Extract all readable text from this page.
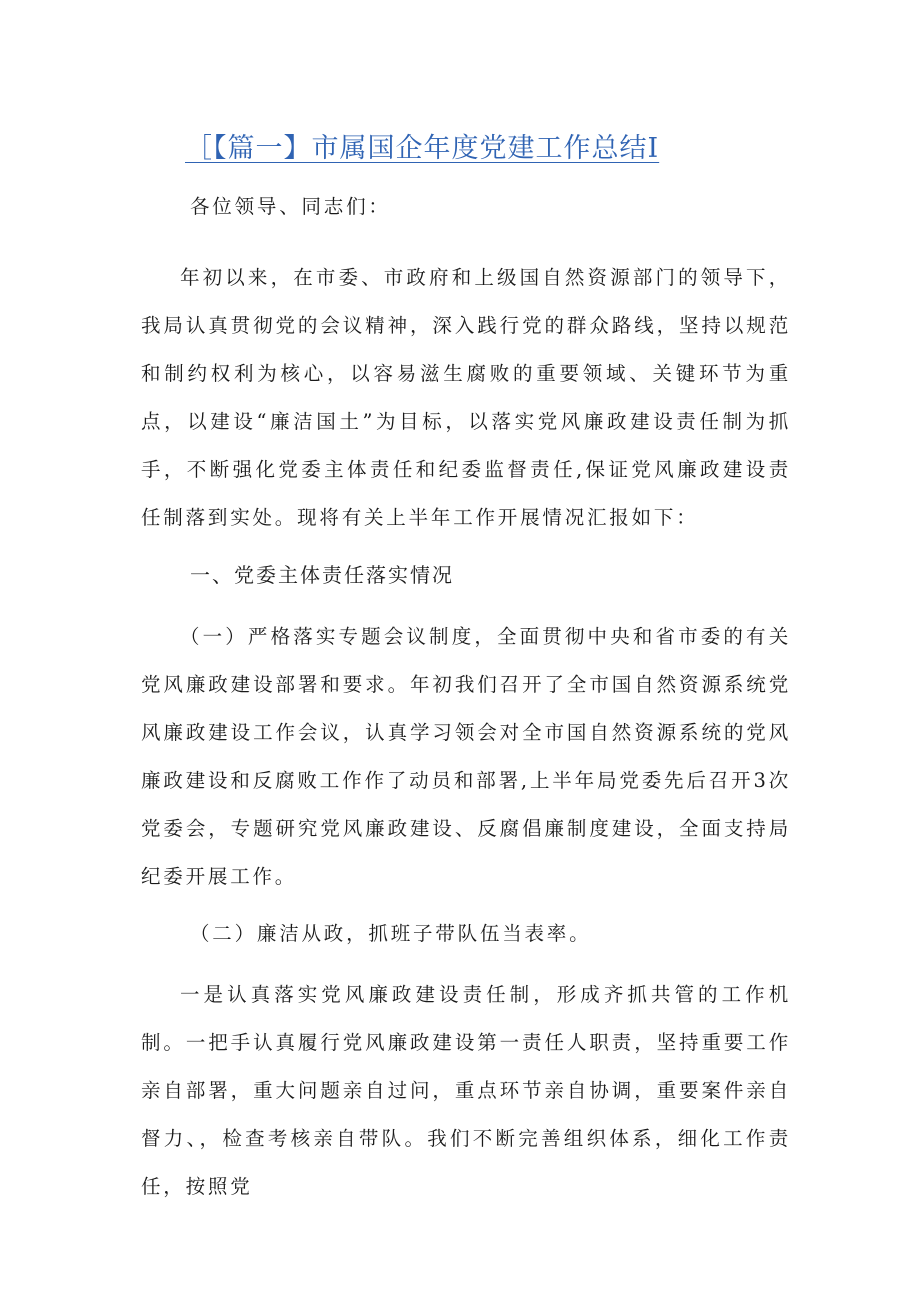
［【篇一】市属国企年度党建工作总结Ⅰ

各位领导、同志们：

年初以来，在市委、市政府和上级国自然资源部门的领导下，我局认真贯彻党的会议精神，深入践行党的群众路线，坚持以规范和制约权利为核心，以容易滋生腐败的重要领域、关键环节为重点，以建设“廉洁国土”为目标，以落实党风廉政建设责任制为抓手，不断强化党委主体责任和纪委监督责任,保证党风廉政建设责任制落到实处。现将有关上半年工作开展情况汇报如下：

一、党委主体责任落实情况

（一）严格落实专题会议制度，全面贯彻中央和省市委的有关党风廉政建设部署和要求。年初我们召开了全市国自然资源系统党风廉政建设工作会议，认真学习领会对全市国自然资源系统的党风廉政建设和反腐败工作作了动员和部署,上半年局党委先后召开3次党委会，专题研究党风廉政建设、反腐倡廉制度建设，全面支持局纪委开展工作。

（二）廉洁从政，抓班子带队伍当表率。

一是认真落实党风廉政建设责任制，形成齐抓共管的工作机制。一把手认真履行党风廉政建设第一责任人职责，坚持重要工作亲自部署，重大问题亲自过问，重点环节亲自协调，重要案件亲自督力、，检查考核亲自带队。我们不断完善组织体系，细化工作责任，按照党
